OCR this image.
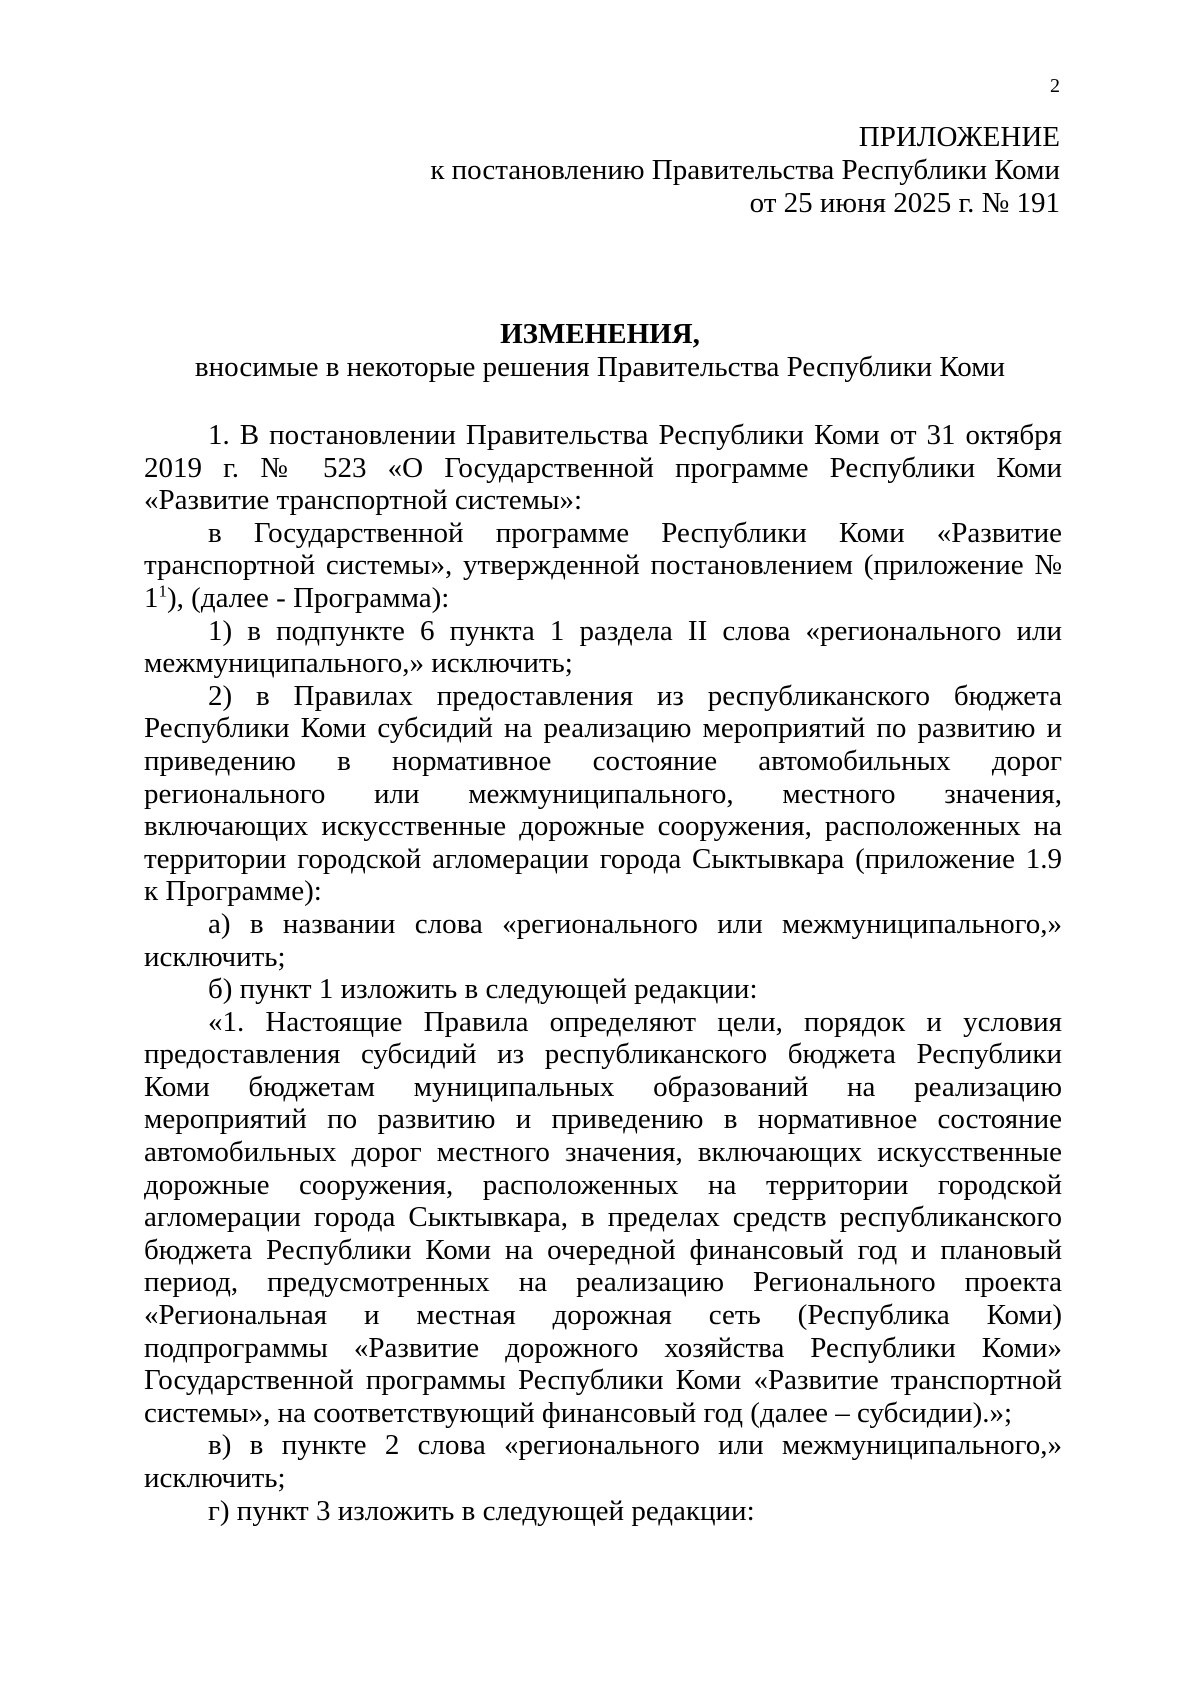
2
ПРИЛОЖЕНИЕ
к постановлению Правительства Республики Коми
от 25 июня 2025 г. № 191
ИЗМЕНЕНИЯ,
вносимые в некоторые решения Правительства Республики Коми

1. В постановлении Правительства Республики Коми от 31 октября 2019 г. № 523 «О Государственной программе Республики Коми «Развитие транспортной системы»:

в Государственной программе Республики Коми «Развитие транспортной системы», утвержденной постановлением (приложение № $1^1$), (далее - Программа):

1) в подпункте 6 пункта 1 раздела II слова «регионального или межмуниципального,» исключить;

2) в Правилах предоставления из республиканского бюджета Республики Коми субсидий на реализацию мероприятий по развитию и приведению в нормативное состояние автомобильных дорог регионального или межмуниципального, местного значения, включающих искусственные дорожные сооружения, расположенных на территории городской агломерации города Сыктывкара (приложение 1.9 к Программе):

а) в названии слова «регионального или межмуниципального,» исключить;

б) пункт 1 изложить в следующей редакции:

«1. Настоящие Правила определяют цели, порядок и условия предоставления субсидий из республиканского бюджета Республики Коми бюджетам муниципальных образований на реализацию мероприятий по развитию и приведению в нормативное состояние автомобильных дорог местного значения, включающих искусственные дорожные сооружения, расположенных на территории городской агломерации города Сыктывкара, в пределах средств республиканского бюджета Республики Коми на очередной финансовый год и плановый период, предусмотренных на реализацию Регионального проекта «Региональная и местная дорожная сеть (Республика Коми) подпрограммы «Развитие дорожного хозяйства Республики Коми» Государственной программы Республики Коми «Развитие транспортной системы», на соответствующий финансовый год (далее – субсидии).»;

в) в пункте 2 слова «регионального или межмуниципального,» исключить;

г) пункт 3 изложить в следующей редакции:
